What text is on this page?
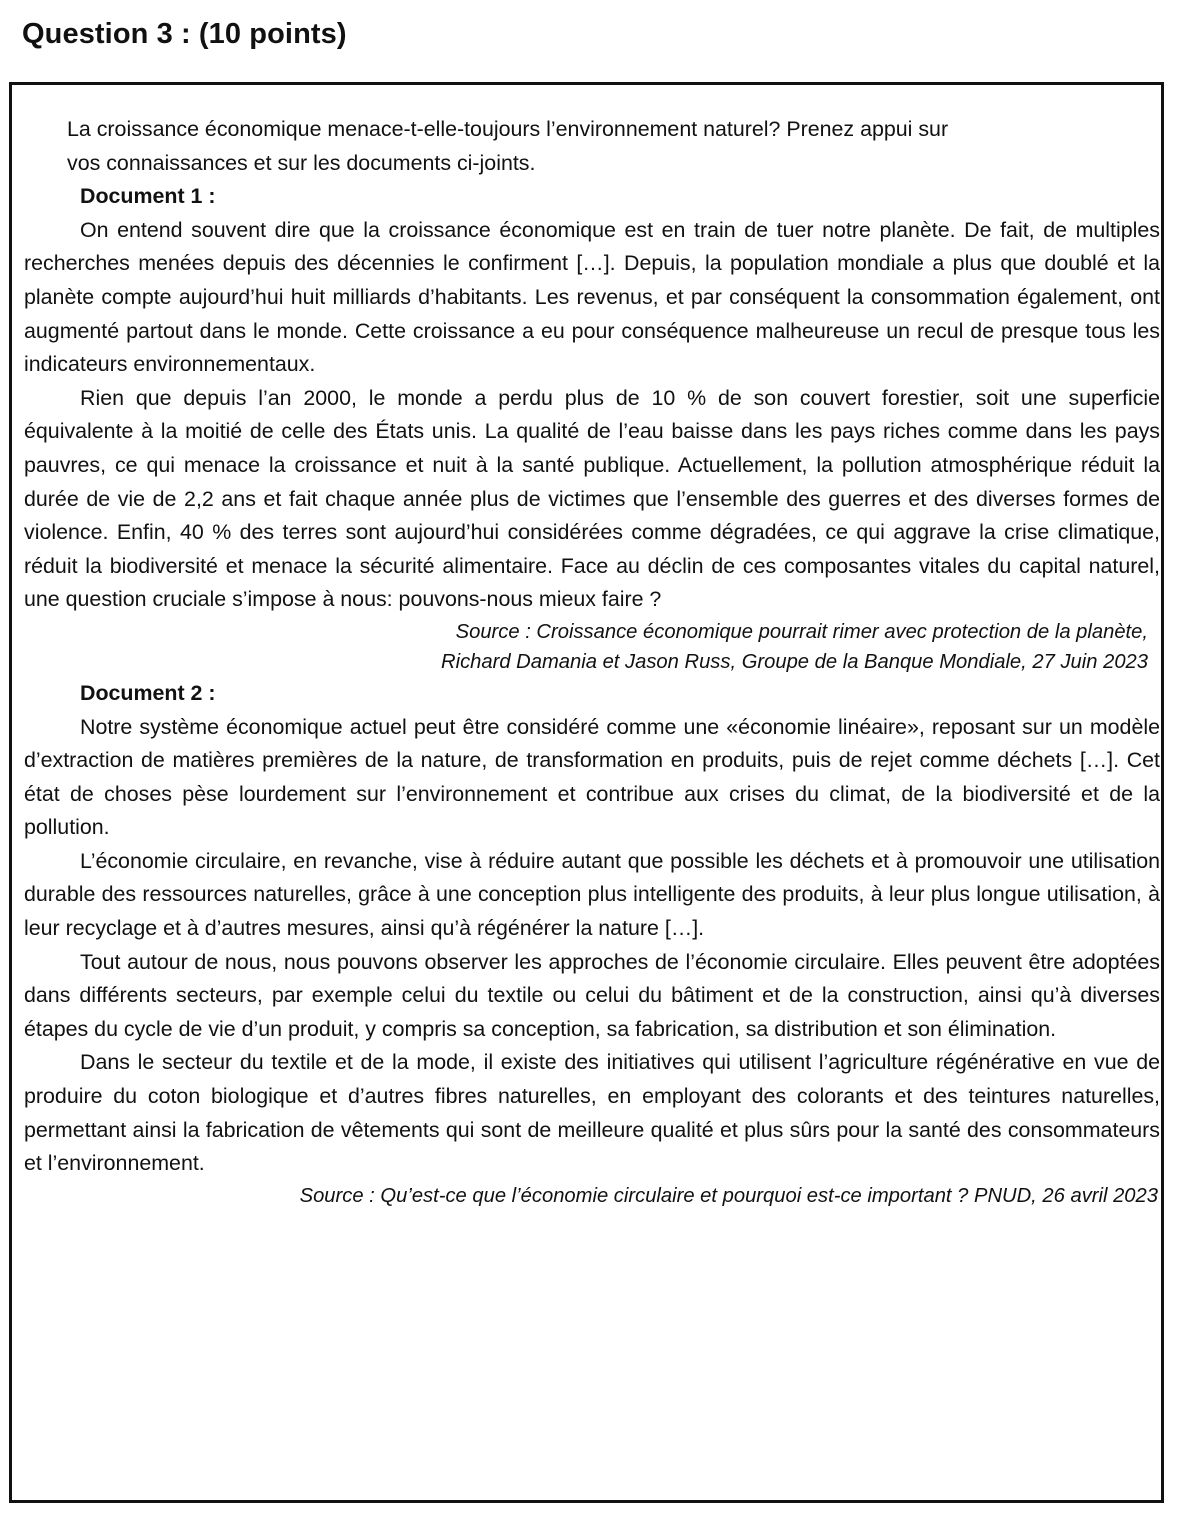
Question 3 : (10 points)

La croissance économique menace-t-elle-toujours l’environnement naturel? Prenez appui sur

vos connaissances et sur les documents ci-joints.

Document 1 :

On entend souvent dire que la croissance économique est en train de tuer notre planète. De fait, de multiples recherches menées depuis des décennies le confirment […]. Depuis, la population mondiale a plus que doublé et la planète compte aujourd’hui huit milliards d’habitants. Les revenus, et par conséquent la consommation également, ont augmenté partout dans le monde. Cette croissance a eu pour conséquence malheureuse un recul de presque tous les indicateurs environnementaux.

Rien que depuis l’an 2000, le monde a perdu plus de 10 % de son couvert forestier, soit une superficie équivalente à la moitié de celle des États unis. La qualité de l’eau baisse dans les pays riches comme dans les pays pauvres, ce qui menace la croissance et nuit à la santé publique. Actuellement, la pollution atmosphérique réduit la durée de vie de 2,2 ans et fait chaque année plus de victimes que l’ensemble des guerres et des diverses formes de violence. Enfin, 40 % des terres sont aujourd’hui considérées comme dégradées, ce qui aggrave la crise climatique, réduit la biodiversité et menace la sécurité alimentaire. Face au déclin de ces composantes vitales du capital naturel, une question cruciale s’impose à nous: pouvons-nous mieux faire ?

Source : Croissance économique pourrait rimer avec protection de la planète,

Richard Damania et Jason Russ, Groupe de la Banque Mondiale, 27 Juin 2023

Document 2 :

Notre système économique actuel peut être considéré comme une «économie linéaire», reposant sur un modèle d’extraction de matières premières de la nature, de transformation en produits, puis de rejet comme déchets […]. Cet état de choses pèse lourdement sur l’environnement et contribue aux crises du climat, de la biodiversité et de la pollution.

L’économie circulaire, en revanche, vise à réduire autant que possible les déchets et à promouvoir une utilisation durable des ressources naturelles, grâce à une conception plus intelligente des produits, à leur plus longue utilisation, à leur recyclage et à d’autres mesures, ainsi qu’à régénérer la nature […].

Tout autour de nous, nous pouvons observer les approches de l’économie circulaire. Elles peuvent être adoptées dans différents secteurs, par exemple celui du textile ou celui du bâtiment et de la construction, ainsi qu’à diverses étapes du cycle de vie d’un produit, y compris sa conception, sa fabrication, sa distribution et son élimination.

Dans le secteur du textile et de la mode, il existe des initiatives qui utilisent l’agriculture régénérative en vue de produire du coton biologique et d’autres fibres naturelles, en employant des colorants et des teintures naturelles, permettant ainsi la fabrication de vêtements qui sont de meilleure qualité et plus sûrs pour la santé des consommateurs et l’environnement.

Source : Qu’est-ce que l’économie circulaire et pourquoi est-ce important ? PNUD, 26 avril 2023
